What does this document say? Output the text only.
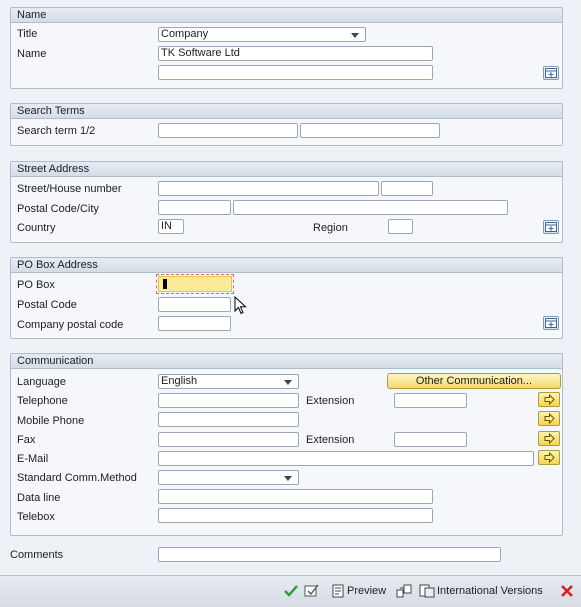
Name
Title	Company
Name	TK Software Ltd
Search Terms
Search term 1/2
Street Address
Street/House number
Postal Code/City
Country	IN	Region
PO Box Address
PO Box
Postal Code
Company postal code
Communication
Language	English	Other Communication...
Telephone	Extension
Mobile Phone
Fax	Extension
E-Mail
Standard Comm.Method
Data line
Telebox
Comments
Preview	International Versions
